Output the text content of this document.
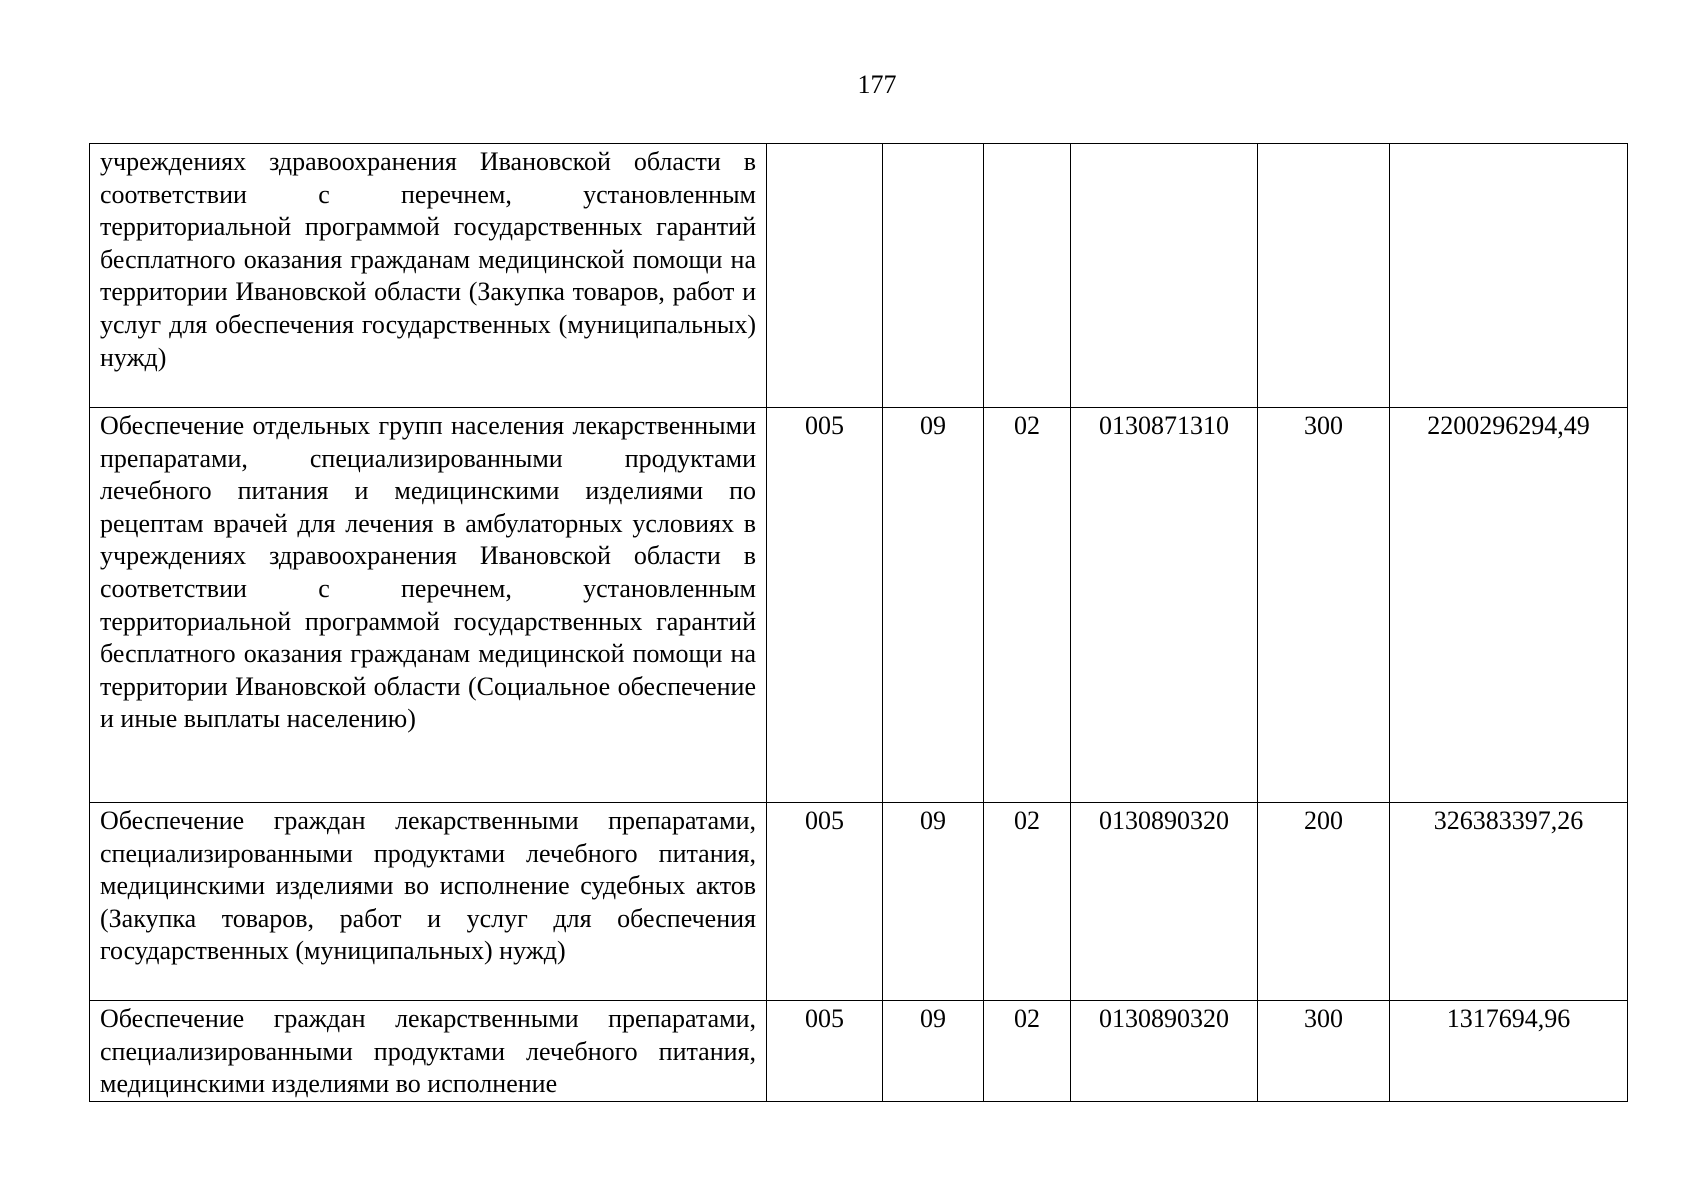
177
учреждениях здравоохранения Ивановской области в соответствии с перечнем, установленным территориальной программой государственных гарантий бесплатного оказания гражданам медицинской помощи на территории Ивановской области (Закупка товаров, работ и услуг для обеспечения государственных (муниципальных) нужд)						

Обеспечение отдельных групп населения лекарственными препаратами, специализированными продуктами лечебного питания и медицинскими изделиями по рецептам врачей для лечения в амбулаторных условиях в учреждениях здравоохранения Ивановской области в соответствии с перечнем, установленным территориальной программой государственных гарантий бесплатного оказания гражданам медицинской помощи на территории Ивановской области (Социальное обеспечение и иные выплаты населению)	005	09	02	0130871310	300	2200296294,49

Обеспечение граждан лекарственными препаратами, специализированными продуктами лечебного питания, медицинскими изделиями во исполнение судебных актов (Закупка товаров, работ и услуг для обеспечения государственных (муниципальных) нужд)	005	09	02	0130890320	200	326383397,26

Обеспечение граждан лекарственными препаратами, специализированными продуктами лечебного питания, медицинскими изделиями во исполнение	005	09	02	0130890320	300	1317694,96
